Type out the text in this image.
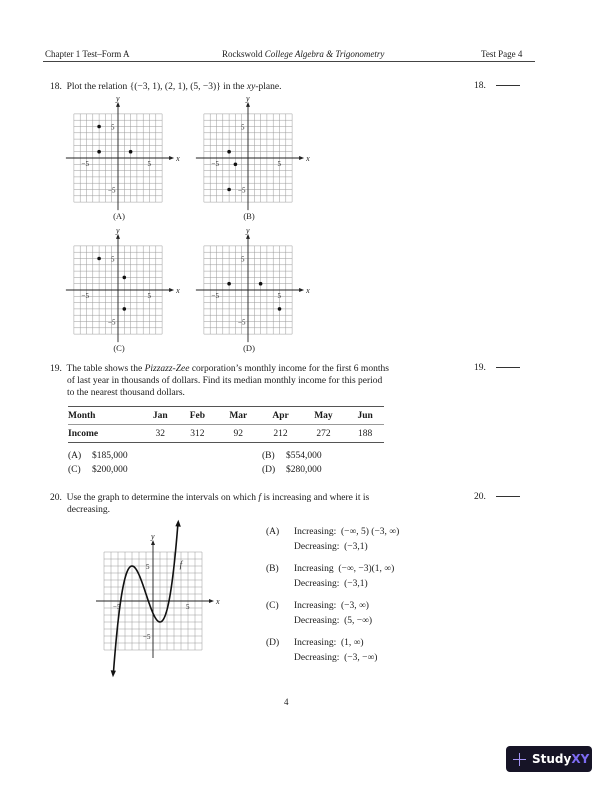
Chapter 1 Test–Form A	Rockswold College Algebra & Trigonometry	Test Page 4
18. Plot the relation {(−3, 1), (2, 1), (5, −3)} in the xy-plane.	18.
x
y
5
−5
5
−5
x
y
5
−5
5
−5
x
y
5
−5
5
−5
x
y
5
−5
5
−5
(A)	(B)
(C)	(D)
19. The table shows the Pizzazz-Zee corporation’s monthly income for the first 6 months
of last year in thousands of dollars. Find its median monthly income for this period
to the nearest thousand dollars.
19.
Month	Jan	Feb	Mar	Apr	May	Jun
Income	32	312	92	212	272	188
(A) $185,000	(B) $554,000
(C) $200,000	(D) $280,000
20. Use the graph to determine the intervals on which f is increasing and where it is
decreasing.
20.
x
y
5
−5
5
−5
f
(A) Increasing: (−∞, 5) (−3, ∞)
Decreasing: (−3,1)
(B) Increasing (−∞, −3)(1, ∞)
Decreasing: (−3,1)
(C) Increasing: (−3, ∞)
Decreasing: (5, −∞)
(D) Increasing: (1, ∞)
Decreasing: (−3, −∞)
4
Study XY
